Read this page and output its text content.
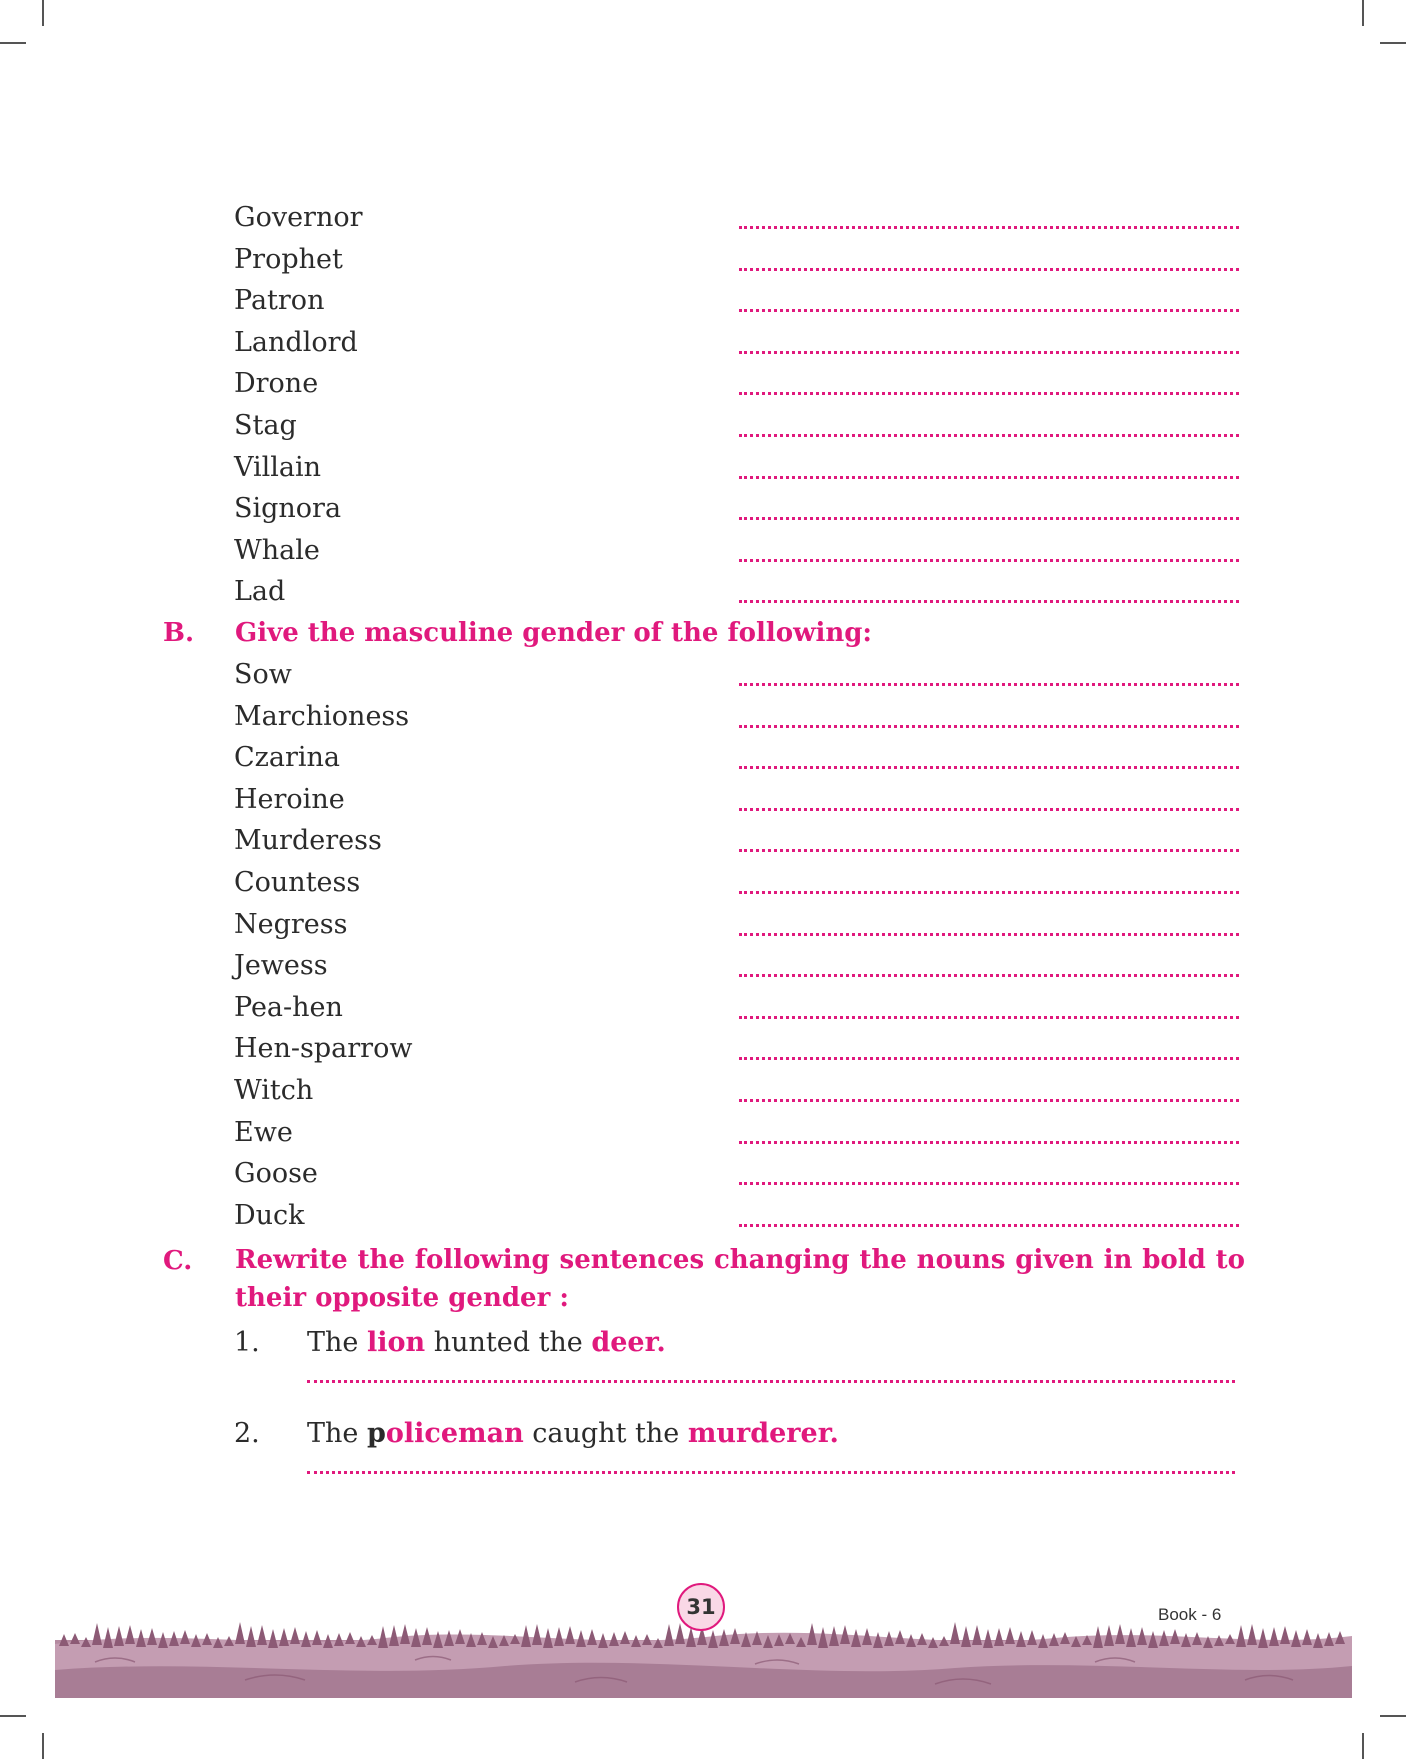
Governor
Prophet
Patron
Landlord
Drone
Stag
Villain
Signora
Whale
Lad
B. Give the masculine gender of the following:
Sow
Marchioness
Czarina
Heroine
Murderess
Countess
Negress
Jewess
Pea-hen
Hen-sparrow
Witch
Ewe
Goose
Duck
C. Rewrite the following sentences changing the nouns given in bold to their opposite gender :
1. The lion hunted the deer.
2. The policeman caught the murderer.
31	Book - 6
